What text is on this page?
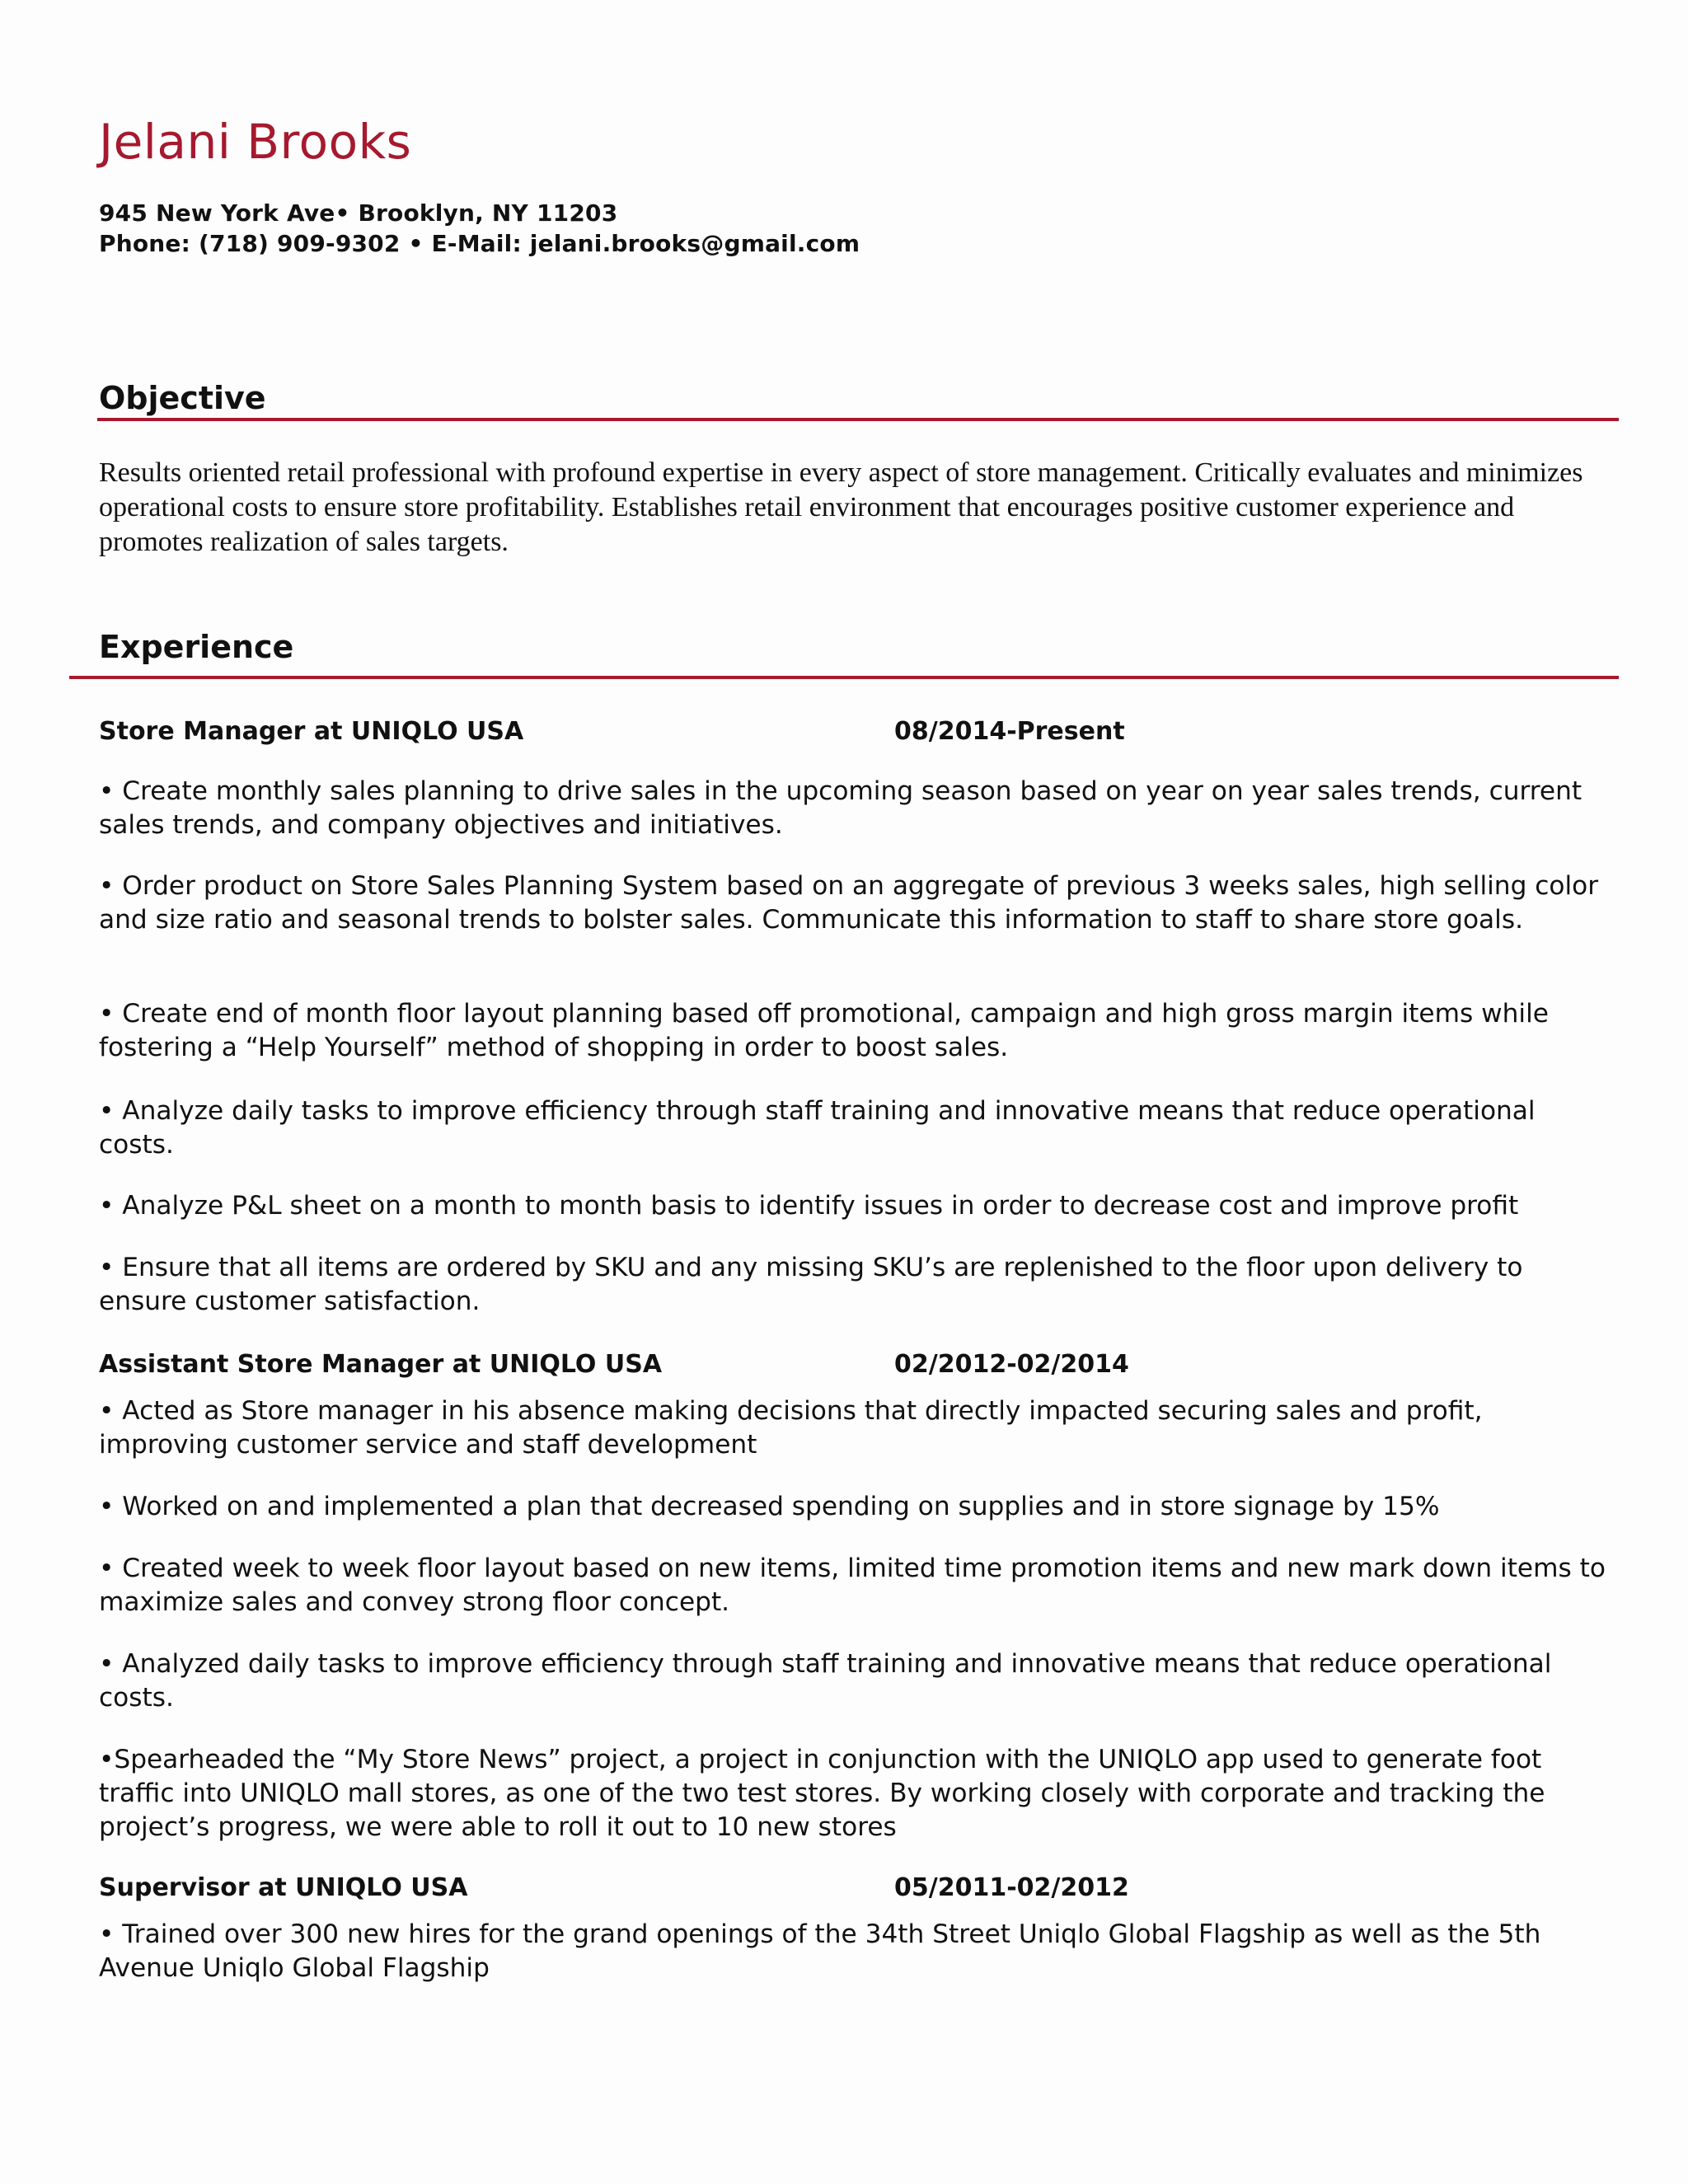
Jelani Brooks
945 New York Ave• Brooklyn, NY 11203
Phone: (718) 909-9302 • E-Mail: jelani.brooks@gmail.com
Objective
Results oriented retail professional with profound expertise in every aspect of store management. Critically evaluates and minimizes operational costs to ensure store profitability. Establishes retail environment that encourages positive customer experience and promotes realization of sales targets.
Experience
Store Manager at UNIQLO USA	08/2014-Present

• Create monthly sales planning to drive sales in the upcoming season based on year on year sales trends, current sales trends, and company objectives and initiatives.

• Order product on Store Sales Planning System based on an aggregate of previous 3 weeks sales, high selling color and size ratio and seasonal trends to bolster sales. Communicate this information to staff to share store goals.

• Create end of month floor layout planning based off promotional, campaign and high gross margin items while fostering a “Help Yourself” method of shopping in order to boost sales.

• Analyze daily tasks to improve efficiency through staff training and innovative means that reduce operational costs.

• Analyze P&L sheet on a month to month basis to identify issues in order to decrease cost and improve profit

• Ensure that all items are ordered by SKU and any missing SKU’s are replenished to the floor upon delivery to ensure customer satisfaction.

Assistant Store Manager at UNIQLO USA	02/2012-02/2014

• Acted as Store manager in his absence making decisions that directly impacted securing sales and profit, improving customer service and staff development

• Worked on and implemented a plan that decreased spending on supplies and in store signage by 15%

• Created week to week floor layout based on new items, limited time promotion items and new mark down items to maximize sales and convey strong floor concept.

• Analyzed daily tasks to improve efficiency through staff training and innovative means that reduce operational costs.

•Spearheaded the “My Store News” project, a project in conjunction with the UNIQLO app used to generate foot traffic into UNIQLO mall stores, as one of the two test stores. By working closely with corporate and tracking the project’s progress, we were able to roll it out to 10 new stores

Supervisor at UNIQLO USA	05/2011-02/2012

• Trained over 300 new hires for the grand openings of the 34th Street Uniqlo Global Flagship as well as the 5th Avenue Uniqlo Global Flagship
